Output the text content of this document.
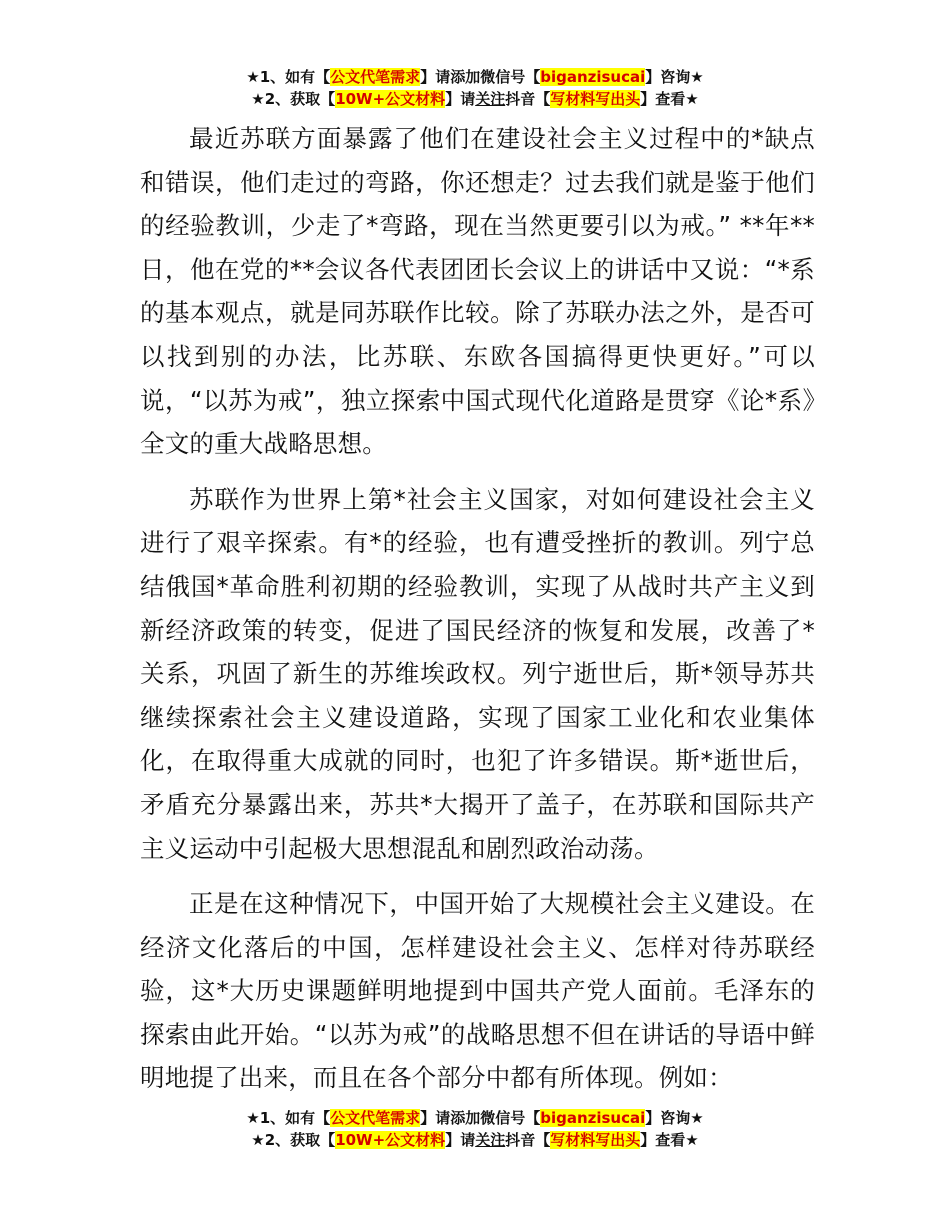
★1、如有【公文代笔需求】请添加微信号【biganzisucai】咨询★
★2、获取【10W+公文材料】请关注抖音【写材料写出头】查看★

最近苏联方面暴露了他们在建设社会主义过程中的*缺点和错误，他们走过的弯路，你还想走？过去我们就是鉴于他们的经验教训，少走了*弯路，现在当然更要引以为戒。” **年**日，他在党的**会议各代表团团长会议上的讲话中又说：“*系的基本观点，就是同苏联作比较。除了苏联办法之外，是否可以找到别的办法，比苏联、东欧各国搞得更快更好。”可以说，“以苏为戒”，独立探索中国式现代化道路是贯穿《论*系》全文的重大战略思想。

苏联作为世界上第*社会主义国家，对如何建设社会主义进行了艰辛探索。有*的经验，也有遭受挫折的教训。列宁总结俄国*革命胜利初期的经验教训，实现了从战时共产主义到新经济政策的转变，促进了国民经济的恢复和发展，改善了*关系，巩固了新生的苏维埃政权。列宁逝世后，斯*领导苏共继续探索社会主义建设道路，实现了国家工业化和农业集体化，在取得重大成就的同时，也犯了许多错误。斯*逝世后，矛盾充分暴露出来，苏共*大揭开了盖子，在苏联和国际共产主义运动中引起极大思想混乱和剧烈政治动荡。

正是在这种情况下，中国开始了大规模社会主义建设。在经济文化落后的中国，怎样建设社会主义、怎样对待苏联经验，这*大历史课题鲜明地提到中国共产党人面前。毛泽东的探索由此开始。“以苏为戒”的战略思想不但在讲话的导语中鲜明地提了出来，而且在各个部分中都有所体现。例如：

★1、如有【公文代笔需求】请添加微信号【biganzisucai】咨询★
★2、获取【10W+公文材料】请关注抖音【写材料写出头】查看★
